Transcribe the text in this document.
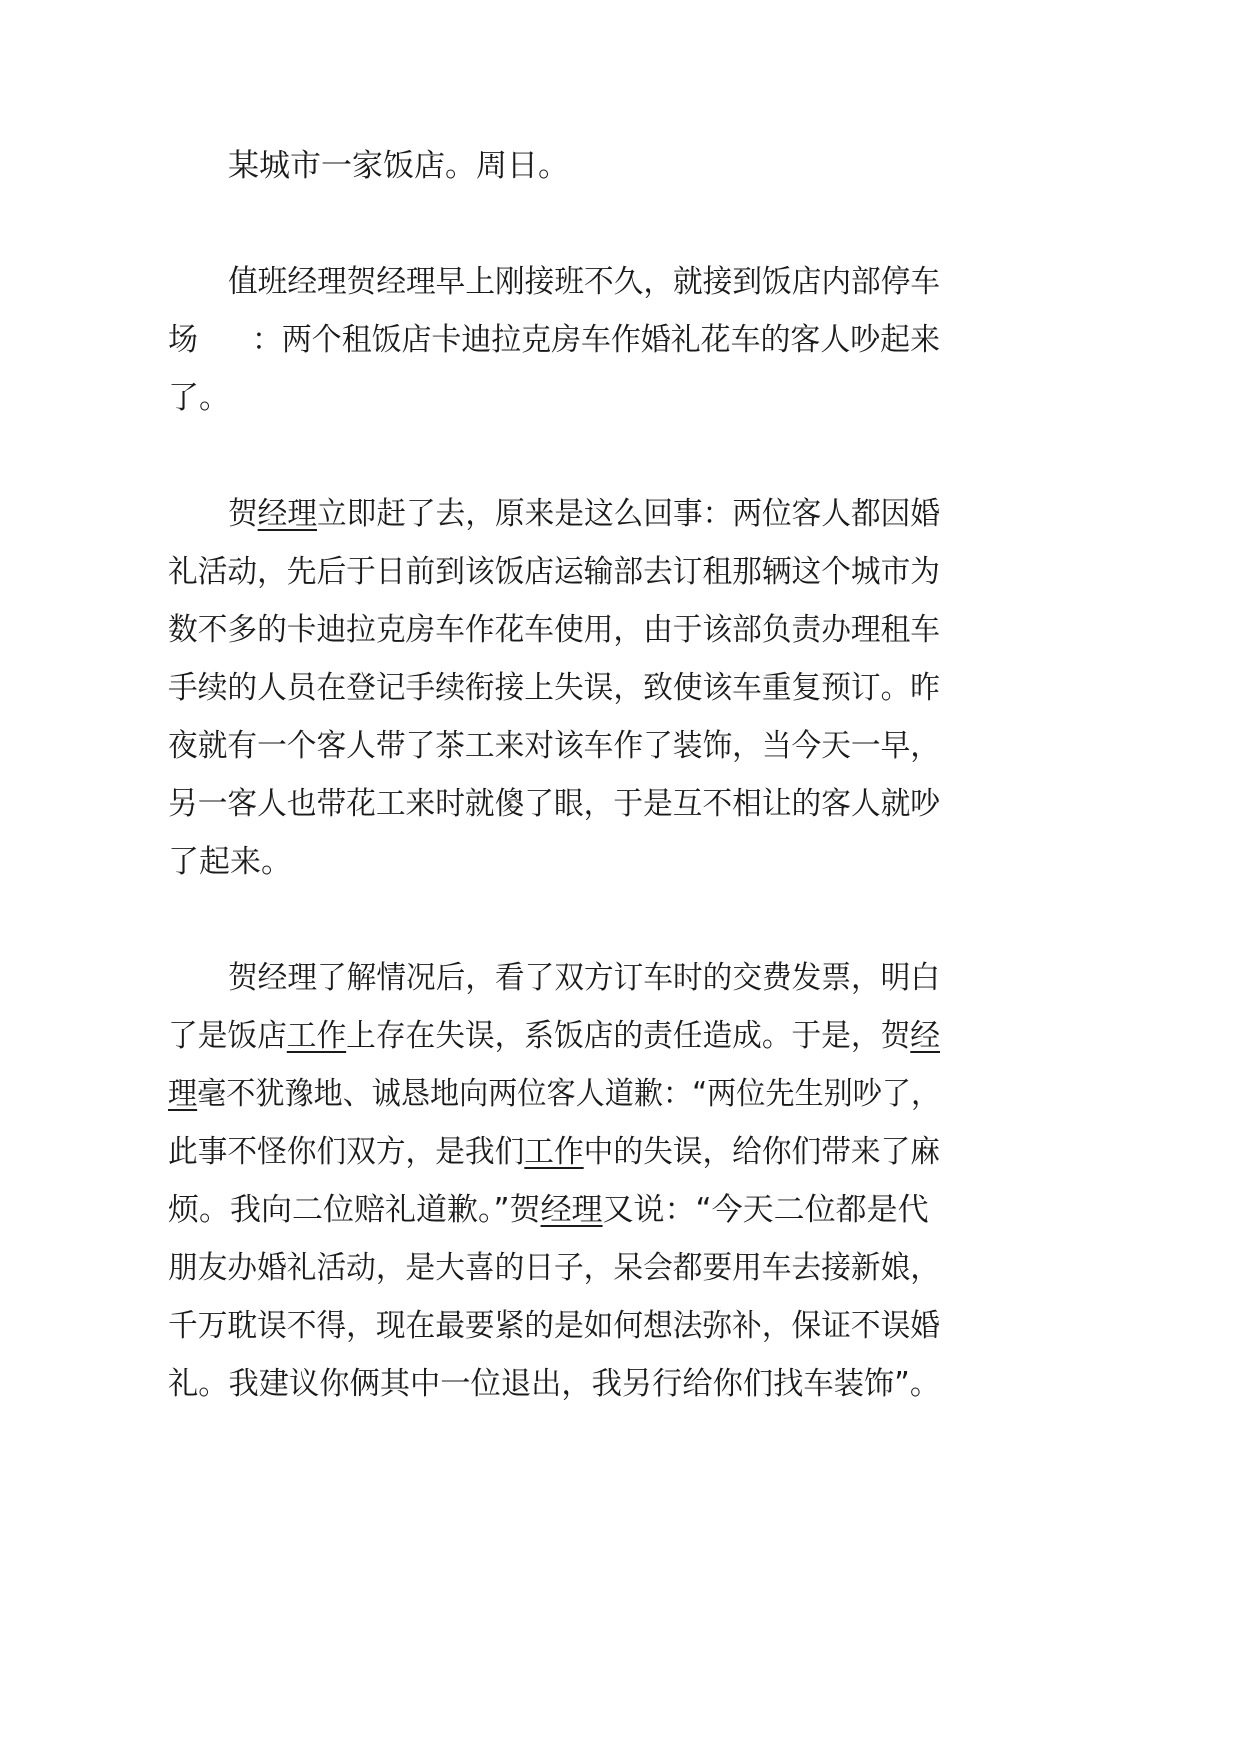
某城市一家饭店。周日。
值班经理贺经理早上刚接班不久，就接到饭店内部停车
场 ：两个租饭店卡迪拉克房车作婚礼花车的客人吵起来
了。
贺经理立即赶了去，原来是这么回事：两位客人都因婚
礼活动，先后于日前到该饭店运输部去订租那辆这个城市为
数不多的卡迪拉克房车作花车使用，由于该部负责办理租车
手续的人员在登记手续衔接上失误，致使该车重复预订。昨
夜就有一个客人带了茶工来对该车作了装饰，当今天一早，
另一客人也带花工来时就傻了眼，于是互不相让的客人就吵
了起来。
贺经理了解情况后，看了双方订车时的交费发票，明白
了是饭店工作上存在失误，系饭店的责任造成。于是，贺经
理毫不犹豫地、诚恳地向两位客人道歉：“两位先生别吵了，
此事不怪你们双方，是我们工作中的失误，给你们带来了麻
烦。我向二位赔礼道歉。”贺经理又说：“今天二位都是代
朋友办婚礼活动，是大喜的日子，呆会都要用车去接新娘，
千万耽误不得，现在最要紧的是如何想法弥补，保证不误婚
礼。我建议你俩其中一位退出，我另行给你们找车装饰”。
